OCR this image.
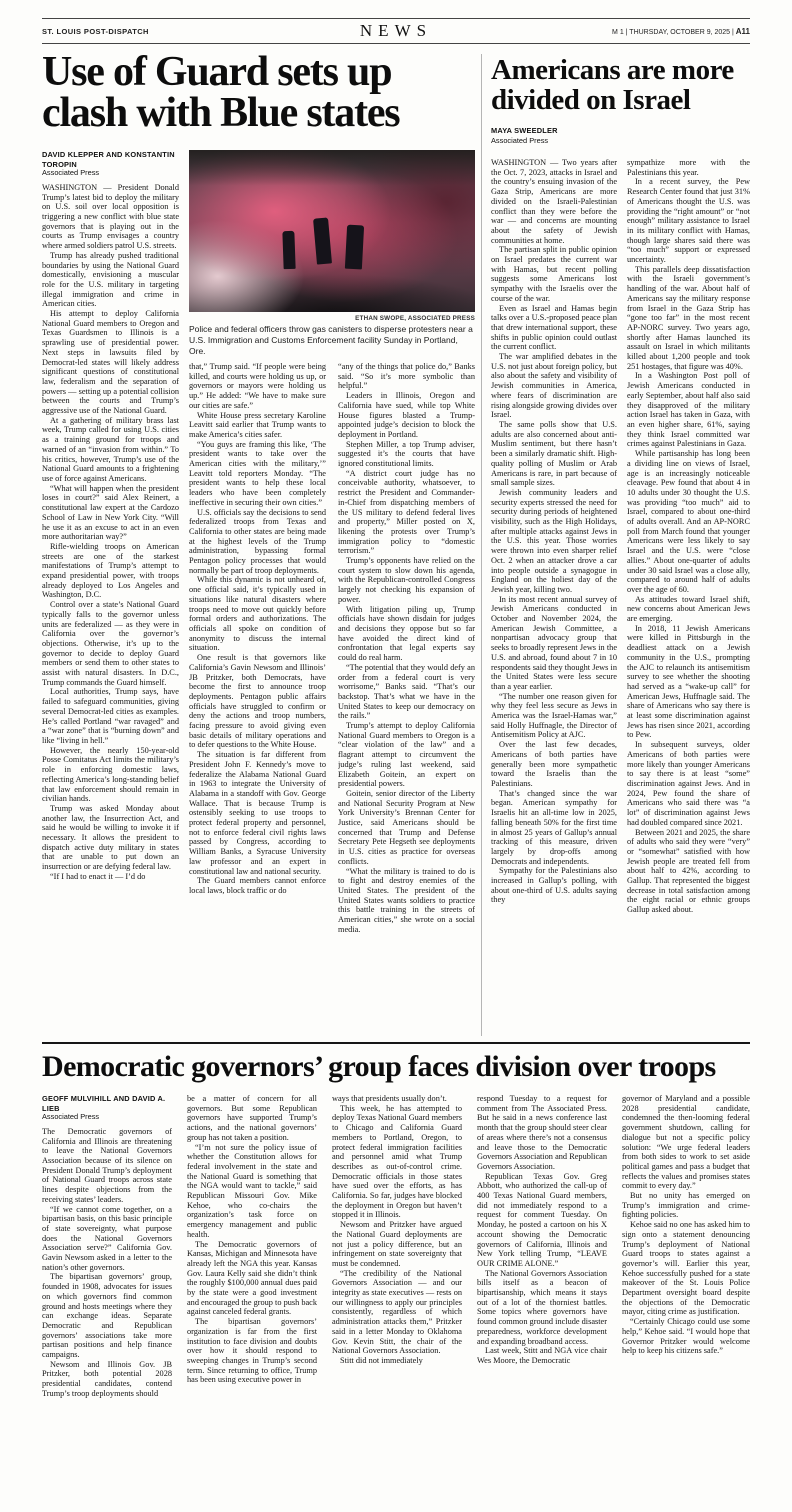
ST. LOUIS POST-DISPATCH	NEWS	M 1 | THURSDAY, OCTOBER 9, 2025 | A11
Use of Guard sets up
clash with Blue states
DAVID KLEPPER AND KONSTANTIN TOROPIN
Associated Press

WASHINGTON — President Donald Trump’s latest bid to deploy the military on U.S. soil over local opposition is triggering a new conflict with blue state governors that is playing out in the courts as Trump envisages a country where armed soldiers patrol U.S. streets.

Trump has already pushed traditional boundaries by using the National Guard domestically, envisioning a muscular role for the U.S. military in targeting illegal immigration and crime in American cities.

His attempt to deploy California National Guard members to Oregon and Texas Guardsmen to Illinois is a sprawling use of presidential power. Next steps in lawsuits filed by Democrat-led states will likely address significant questions of constitutional law, federalism and the separation of powers — setting up a potential collision between the courts and Trump’s aggressive use of the National Guard.

At a gathering of military brass last week, Trump called for using U.S. cities as a training ground for troops and warned of an “invasion from within.” To his critics, however, Trump’s use of the National Guard amounts to a frightening use of force against Americans.

“What will happen when the president loses in court?” said Alex Reinert, a constitutional law expert at the Cardozo School of Law in New York City. “Will he use it as an excuse to act in an even more authoritarian way?”

Rifle-wielding troops on American streets are one of the starkest manifestations of Trump’s attempt to expand presidential power, with troops already deployed to Los Angeles and Washington, D.C.

Control over a state’s National Guard typically falls to the governor unless units are federalized — as they were in California over the governor’s objections. Otherwise, it’s up to the governor to decide to deploy Guard members or send them to other states to assist with natural disasters. In D.C., Trump commands the Guard himself.

Local authorities, Trump says, have failed to safeguard communities, giving several Democrat-led cities as examples. He’s called Portland “war ravaged” and a “war zone” that is “burning down” and like “living in hell.”

However, the nearly 150-year-old Posse Comitatus Act limits the military’s role in enforcing domestic laws, reflecting America’s long-standing belief that law enforcement should remain in civilian hands.

Trump was asked Monday about another law, the Insurrection Act, and said he would be willing to invoke it if necessary. It allows the president to dispatch active duty military in states that are unable to put down an insurrection or are defying federal law.

“If I had to enact it — I’d do

ETHAN SWOPE, ASSOCIATED PRESS
Police and federal officers throw gas canisters to disperse protesters near a U.S. Immigration and Customs Enforcement facility Sunday in Portland, Ore.

that,” Trump said. “If people were being killed, and courts were holding us up, or governors or mayors were holding us up.” He added: “We have to make sure our cities are safe.”

White House press secretary Karoline Leavitt said earlier that Trump wants to make America’s cities safer.

“You guys are framing this like, ‘The president wants to take over the American cities with the military,’” Leavitt told reporters Monday. “The president wants to help these local leaders who have been completely ineffective in securing their own cities.”

U.S. officials say the decisions to send federalized troops from Texas and California to other states are being made at the highest levels of the Trump administration, bypassing formal Pentagon policy processes that would normally be part of troop deployments.

While this dynamic is not unheard of, one official said, it’s typically used in situations like natural disasters where troops need to move out quickly before formal orders and authorizations. The officials all spoke on condition of anonymity to discuss the internal situation.

One result is that governors like California’s Gavin Newsom and Illinois’ JB Pritzker, both Democrats, have become the first to announce troop deployments. Pentagon public affairs officials have struggled to confirm or deny the actions and troop numbers, facing pressure to avoid giving even basic details of military operations and to defer questions to the White House.

The situation is far different from President John F. Kennedy’s move to federalize the Alabama National Guard in 1963 to integrate the University of Alabama in a standoff with Gov. George Wallace. That is because Trump is ostensibly seeking to use troops to protect federal property and personnel, not to enforce federal civil rights laws passed by Congress, according to William Banks, a Syracuse University law professor and an expert in constitutional law and national security.

The Guard members cannot enforce local laws, block traffic or do

“any of the things that police do,” Banks said. “So it’s more symbolic than helpful.”

Leaders in Illinois, Oregon and California have sued, while top White House figures blasted a Trump-appointed judge’s decision to block the deployment in Portland.

Stephen Miller, a top Trump adviser, suggested it’s the courts that have ignored constitutional limits.

“A district court judge has no conceivable authority, whatsoever, to restrict the President and Commander-in-Chief from dispatching members of the US military to defend federal lives and property,” Miller posted on X, likening the protests over Trump’s immigration policy to “domestic terrorism.”

Trump’s opponents have relied on the court system to slow down his agenda, with the Republican-controlled Congress largely not checking his expansion of power.

With litigation piling up, Trump officials have shown disdain for judges and decisions they oppose but so far have avoided the direct kind of confrontation that legal experts say could do real harm.

“The potential that they would defy an order from a federal court is very worrisome,” Banks said. “That’s our backstop. That’s what we have in the United States to keep our democracy on the rails.”

Trump’s attempt to deploy California National Guard members to Oregon is a “clear violation of the law” and a flagrant attempt to circumvent the judge’s ruling last weekend, said Elizabeth Goitein, an expert on presidential powers.

Goitein, senior director of the Liberty and National Security Program at New York University’s Brennan Center for Justice, said Americans should be concerned that Trump and Defense Secretary Pete Hegseth see deployments in U.S. cities as practice for overseas conflicts.

“What the military is trained to do is to fight and destroy enemies of the United States. The president of the United States wants soldiers to practice this battle training in the streets of American cities,” she wrote on a social media.

Americans are more
divided on Israel
MAYA SWEEDLER
Associated Press

WASHINGTON — Two years after the Oct. 7, 2023, attacks in Israel and the country’s ensuing invasion of the Gaza Strip, Americans are more divided on the Israeli-Palestinian conflict than they were before the war — and concerns are mounting about the safety of Jewish communities at home.

The partisan split in public opinion on Israel predates the current war with Hamas, but recent polling suggests some Americans lost sympathy with the Israelis over the course of the war.

Even as Israel and Hamas begin talks over a U.S.-proposed peace plan that drew international support, these shifts in public opinion could outlast the current conflict.

The war amplified debates in the U.S. not just about foreign policy, but also about the safety and visibility of Jewish communities in America, where fears of discrimination are rising alongside growing divides over Israel.

The same polls show that U.S. adults are also concerned about anti-Muslim sentiment, but there hasn’t been a similarly dramatic shift. High-quality polling of Muslim or Arab Americans is rare, in part because of small sample sizes.

Jewish community leaders and security experts stressed the need for security during periods of heightened visibility, such as the High Holidays, after multiple attacks against Jews in the U.S. this year. Those worries were thrown into even sharper relief Oct. 2 when an attacker drove a car into people outside a synagogue in England on the holiest day of the Jewish year, killing two.

In its most recent annual survey of Jewish Americans conducted in October and November 2024, the American Jewish Committee, a nonpartisan advocacy group that seeks to broadly represent Jews in the U.S. and abroad, found about 7 in 10 respondents said they thought Jews in the United States were less secure than a year earlier.

“The number one reason given for why they feel less secure as Jews in America was the Israel-Hamas war,” said Holly Huffnagle, the Director of Antisemitism Policy at AJC.

Over the last few decades, Americans of both parties have generally been more sympathetic toward the Israelis than the Palestinians.

That’s changed since the war began. American sympathy for Israelis hit an all-time low in 2025, falling beneath 50% for the first time in almost 25 years of Gallup’s annual tracking of this measure, driven largely by drop-offs among Democrats and independents.

Sympathy for the Palestinians also increased in Gallup’s polling, with about one-third of U.S. adults saying they

sympathize more with the Palestinians this year.

In a recent survey, the Pew Research Center found that just 31% of Americans thought the U.S. was providing the “right amount” or “not enough” military assistance to Israel in its military conflict with Hamas, though large shares said there was “too much” support or expressed uncertainty.

This parallels deep dissatisfaction with the Israeli government’s handling of the war. About half of Americans say the military response from Israel in the Gaza Strip has “gone too far” in the most recent AP-NORC survey. Two years ago, shortly after Hamas launched its assault on Israel in which militants killed about 1,200 people and took 251 hostages, that figure was 40%.

In a Washington Post poll of Jewish Americans conducted in early September, about half also said they disapproved of the military action Israel has taken in Gaza, with an even higher share, 61%, saying they think Israel committed war crimes against Palestinians in Gaza.

While partisanship has long been a dividing line on views of Israel, age is an increasingly noticeable cleavage. Pew found that about 4 in 10 adults under 30 thought the U.S. was providing “too much” aid to Israel, compared to about one-third of adults overall. And an AP-NORC poll from March found that younger Americans were less likely to say Israel and the U.S. were “close allies.” About one-quarter of adults under 30 said Israel was a close ally, compared to around half of adults over the age of 60.

As attitudes toward Israel shift, new concerns about American Jews are emerging.

In 2018, 11 Jewish Americans were killed in Pittsburgh in the deadliest attack on a Jewish community in the U.S., prompting the AJC to relaunch its antisemitism survey to see whether the shooting had served as a “wake-up call” for American Jews, Huffnagle said. The share of Americans who say there is at least some discrimination against Jews has risen since 2021, according to Pew.

In subsequent surveys, older Americans of both parties were more likely than younger Americans to say there is at least “some” discrimination against Jews. And in 2024, Pew found the share of Americans who said there was “a lot” of discrimination against Jews had doubled compared since 2021.

Between 2021 and 2025, the share of adults who said they were “very” or “somewhat” satisfied with how Jewish people are treated fell from about half to 42%, according to Gallup. That represented the biggest decrease in total satisfaction among the eight racial or ethnic groups Gallup asked about.

Democratic governors’ group faces division over troops
GEOFF MULVIHILL AND DAVID A. LIEB
Associated Press

The Democratic governors of California and Illinois are threatening to leave the National Governors Association because of its silence on President Donald Trump’s deployment of National Guard troops across state lines despite objections from the receiving states’ leaders.

“If we cannot come together, on a bipartisan basis, on this basic principle of state sovereignty, what purpose does the National Governors Association serve?” California Gov. Gavin Newsom asked in a letter to the nation’s other governors.

The bipartisan governors’ group, founded in 1908, advocates for issues on which governors find common ground and hosts meetings where they can exchange ideas. Separate Democratic and Republican governors’ associations take more partisan positions and help finance campaigns.

Newsom and Illinois Gov. JB Pritzker, both potential 2028 presidential candidates, contend Trump’s troop deployments should

be a matter of concern for all governors. But some Republican governors have supported Trump’s actions, and the national governors’ group has not taken a position.

“I’m not sure the policy issue of whether the Constitution allows for federal involvement in the state and the National Guard is something that the NGA would want to tackle,” said Republican Missouri Gov. Mike Kehoe, who co-chairs the organization’s task force on emergency management and public health.

The Democratic governors of Kansas, Michigan and Minnesota have already left the NGA this year. Kansas Gov. Laura Kelly said she didn’t think the roughly $100,000 annual dues paid by the state were a good investment and encouraged the group to push back against canceled federal grants.

The bipartisan governors’ organization is far from the first institution to face division and doubts over how it should respond to sweeping changes in Trump’s second term. Since returning to office, Trump has been using executive power in

ways that presidents usually don’t.

This week, he has attempted to deploy Texas National Guard members to Chicago and California Guard members to Portland, Oregon, to protect federal immigration facilities and personnel amid what Trump describes as out-of-control crime. Democratic officials in those states have sued over the efforts, as has California. So far, judges have blocked the deployment in Oregon but haven’t stopped it in Illinois.

Newsom and Pritzker have argued the National Guard deployments are not just a policy difference, but an infringement on state sovereignty that must be condemned.

“The credibility of the National Governors Association — and our integrity as state executives — rests on our willingness to apply our principles consistently, regardless of which administration attacks them,” Pritzker said in a letter Monday to Oklahoma Gov. Kevin Stitt, the chair of the National Governors Association.

Stitt did not immediately

respond Tuesday to a request for comment from The Associated Press. But he said in a news conference last month that the group should steer clear of areas where there’s not a consensus and leave those to the Democratic Governors Association and Republican Governors Association.

Republican Texas Gov. Greg Abbott, who authorized the call-up of 400 Texas National Guard members, did not immediately respond to a request for comment Tuesday. On Monday, he posted a cartoon on his X account showing the Democratic governors of California, Illinois and New York telling Trump, “LEAVE OUR CRIME ALONE.”

The National Governors Association bills itself as a beacon of bipartisanship, which means it stays out of a lot of the thorniest battles. Some topics where governors have found common ground include disaster preparedness, workforce development and expanding broadband access.

Last week, Stitt and NGA vice chair Wes Moore, the Democratic

governor of Maryland and a possible 2028 presidential candidate, condemned the then-looming federal government shutdown, calling for dialogue but not a specific policy solution: “We urge federal leaders from both sides to work to set aside political games and pass a budget that reflects the values and promises states commit to every day.”

But no unity has emerged on Trump’s immigration and crime-fighting policies.

Kehoe said no one has asked him to sign onto a statement denouncing Trump’s deployment of National Guard troops to states against a governor’s will. Earlier this year, Kehoe successfully pushed for a state makeover of the St. Louis Police Department oversight board despite the objections of the Democratic mayor, citing crime as justification.

“Certainly Chicago could use some help,” Kehoe said. “I would hope that Governor Pritzker would welcome help to keep his citizens safe.”
